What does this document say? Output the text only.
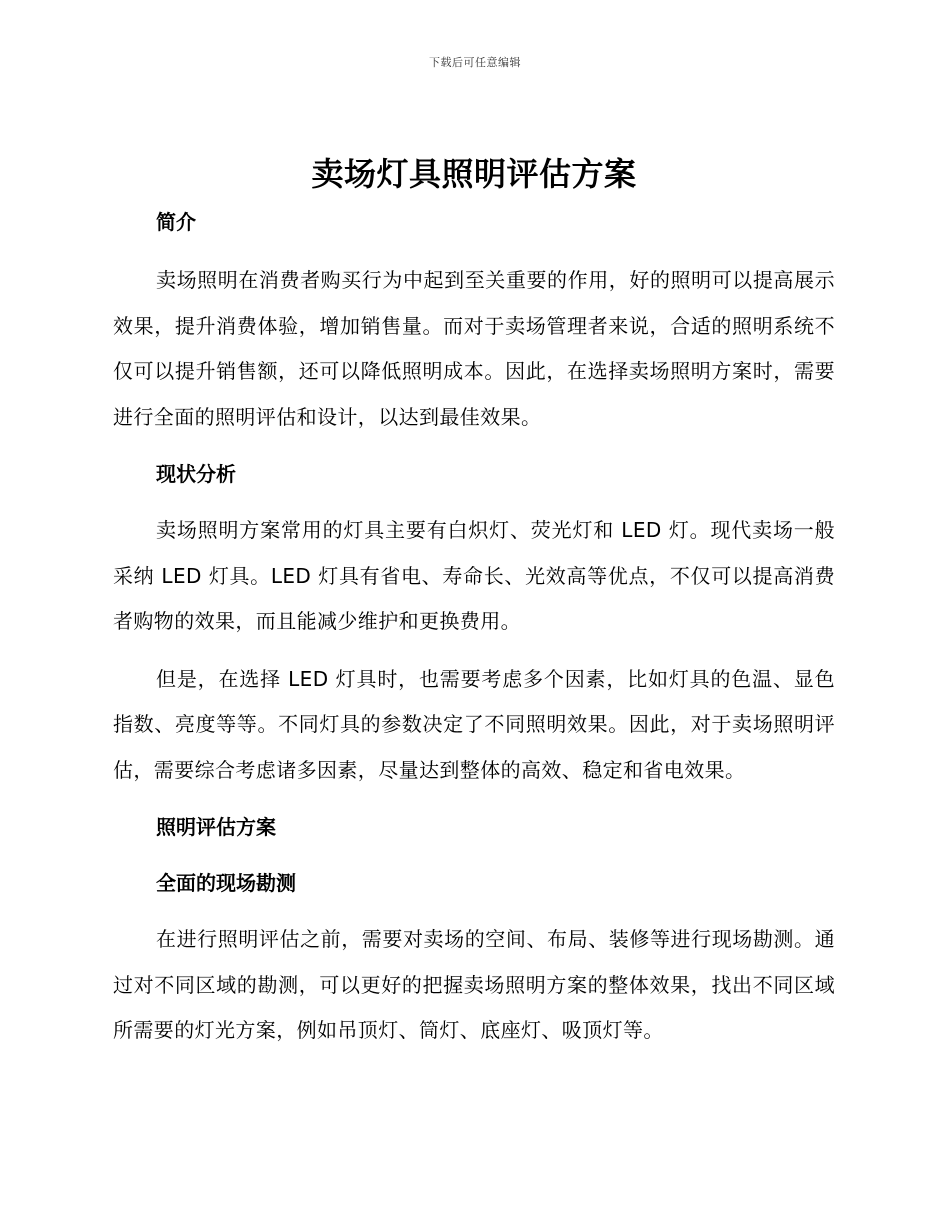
下载后可任意编辑
卖场灯具照明评估方案
简介

卖场照明在消费者购买行为中起到至关重要的作用，好的照明可以提高展示效果，提升消费体验，增加销售量。而对于卖场管理者来说，合适的照明系统不仅可以提升销售额，还可以降低照明成本。因此，在选择卖场照明方案时，需要进行全面的照明评估和设计，以达到最佳效果。

现状分析

卖场照明方案常用的灯具主要有白炽灯、荧光灯和 LED 灯。现代卖场一般采纳 LED 灯具。LED 灯具有省电、寿命长、光效高等优点，不仅可以提高消费者购物的效果，而且能减少维护和更换费用。

但是，在选择 LED 灯具时，也需要考虑多个因素，比如灯具的色温、显色指数、亮度等等。不同灯具的参数决定了不同照明效果。因此，对于卖场照明评估，需要综合考虑诸多因素，尽量达到整体的高效、稳定和省电效果。

照明评估方案
全面的现场勘测

在进行照明评估之前，需要对卖场的空间、布局、装修等进行现场勘测。通过对不同区域的勘测，可以更好的把握卖场照明方案的整体效果，找出不同区域所需要的灯光方案，例如吊顶灯、筒灯、底座灯、吸顶灯等。
